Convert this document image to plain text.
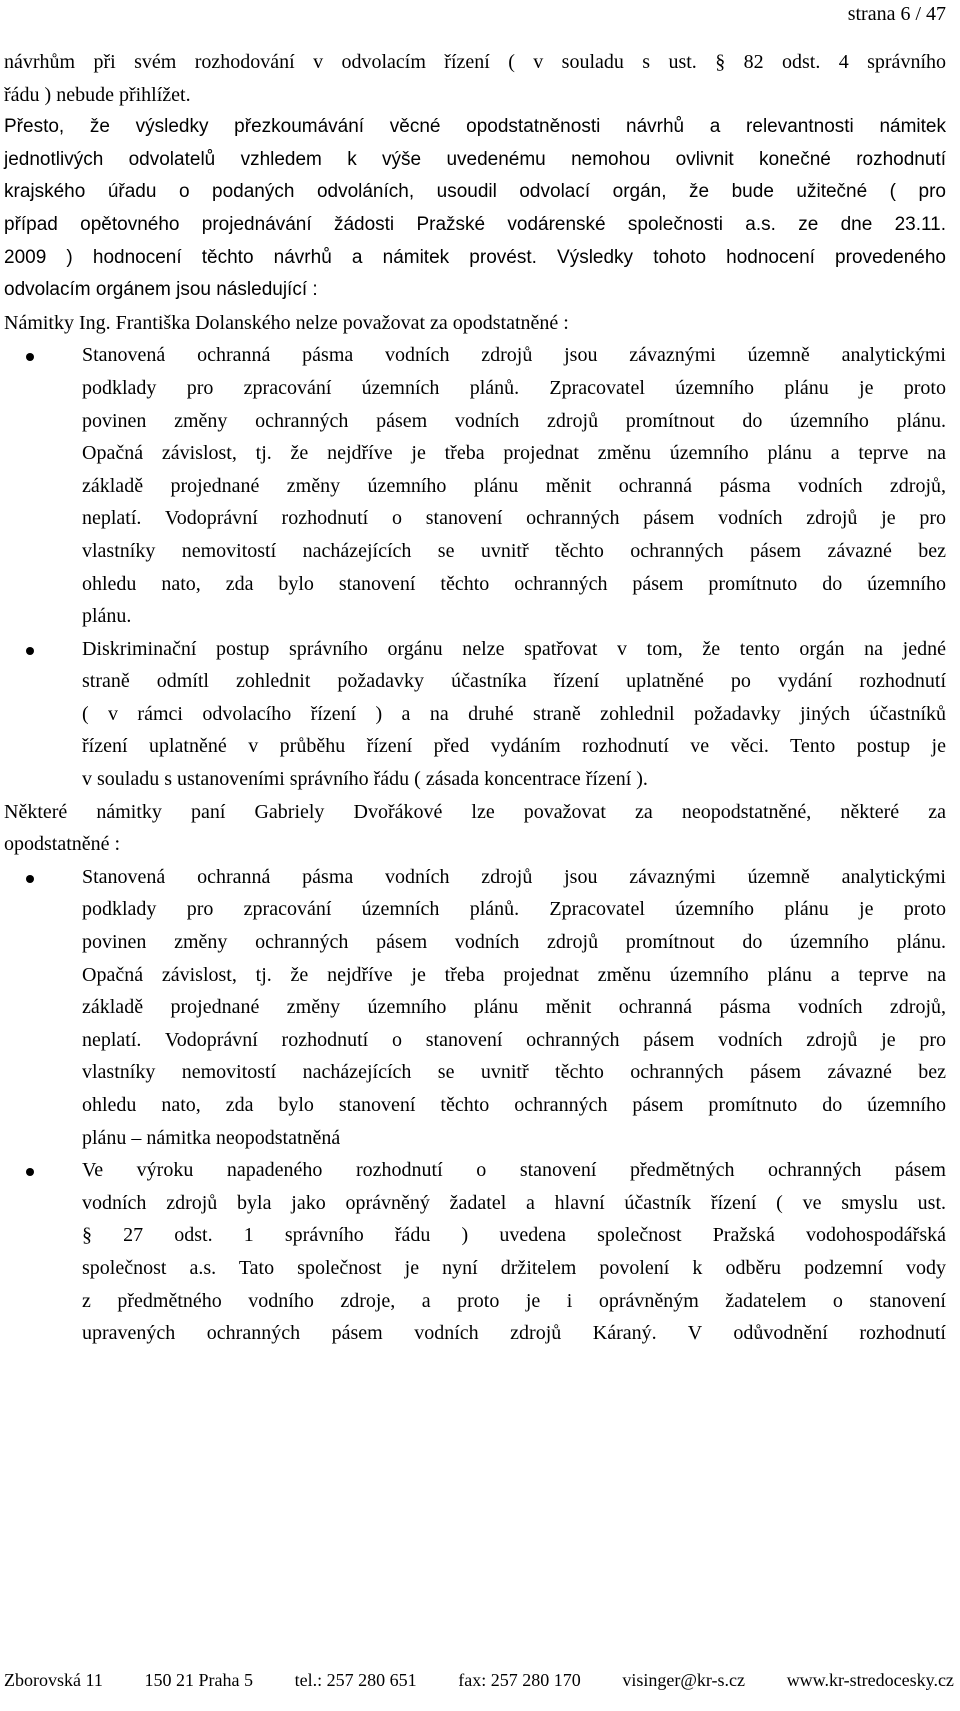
strana 6 / 47

návrhům při svém rozhodování v odvolacím řízení ( v souladu s ust. § 82 odst. 4 správního
řádu ) nebude přihlížet.

Přesto, že výsledky přezkoumávání věcné opodstatněnosti návrhů a relevantnosti námitek
jednotlivých odvolatelů vzhledem k výše uvedenému nemohou ovlivnit konečné rozhodnutí
krajského úřadu o podaných odvoláních, usoudil odvolací orgán, že bude užitečné ( pro
případ opětovného projednávání žádosti Pražské vodárenské společnosti a.s. ze dne 23.11.
2009 ) hodnocení těchto návrhů a námitek provést. Výsledky tohoto hodnocení provedeného
odvolacím orgánem jsou následující :

Námitky Ing. Františka Dolanského nelze považovat za opodstatněné :

Stanovená ochranná pásma vodních zdrojů jsou závaznými územně analytickými
podklady pro zpracování územních plánů. Zpracovatel územního plánu je proto
povinen změny ochranných pásem vodních zdrojů promítnout do územního plánu.
Opačná závislost, tj. že nejdříve je třeba projednat změnu územního plánu a teprve na
základě projednané změny územního plánu měnit ochranná pásma vodních zdrojů,
neplatí. Vodoprávní rozhodnutí o stanovení ochranných pásem vodních zdrojů je pro
vlastníky nemovitostí nacházejících se uvnitř těchto ochranných pásem závazné bez
ohledu nato, zda bylo stanovení těchto ochranných pásem promítnuto do územního
plánu.
Diskriminační postup správního orgánu nelze spatřovat v tom, že tento orgán na jedné
straně odmítl zohlednit požadavky účastníka řízení uplatněné po vydání rozhodnutí
( v rámci odvolacího řízení ) a na druhé straně zohlednil požadavky jiných účastníků
řízení uplatněné v průběhu řízení před vydáním rozhodnutí ve věci. Tento postup je
v souladu s ustanoveními správního řádu ( zásada koncentrace řízení ).

Některé námitky paní Gabriely Dvořákové lze považovat za neopodstatněné, některé za
opodstatněné :

Stanovená ochranná pásma vodních zdrojů jsou závaznými územně analytickými
podklady pro zpracování územních plánů. Zpracovatel územního plánu je proto
povinen změny ochranných pásem vodních zdrojů promítnout do územního plánu.
Opačná závislost, tj. že nejdříve je třeba projednat změnu územního plánu a teprve na
základě projednané změny územního plánu měnit ochranná pásma vodních zdrojů,
neplatí. Vodoprávní rozhodnutí o stanovení ochranných pásem vodních zdrojů je pro
vlastníky nemovitostí nacházejících se uvnitř těchto ochranných pásem závazné bez
ohledu nato, zda bylo stanovení těchto ochranných pásem promítnuto do územního
plánu – námitka neopodstatněná
Ve výroku napadeného rozhodnutí o stanovení předmětných ochranných pásem
vodních zdrojů byla jako oprávněný žadatel a hlavní účastník řízení ( ve smyslu ust.
§ 27 odst. 1 správního řádu ) uvedena společnost Pražská vodohospodářská
společnost a.s. Tato společnost je nyní držitelem povolení k odběru podzemní vody
z předmětného vodního zdroje, a proto je i oprávněným žadatelem o stanovení
upravených ochranných pásem vodních zdrojů Káraný. V odůvodnění rozhodnutí
Zborovská 11 150 21 Praha 5 tel.: 257 280 651 fax: 257 280 170 visinger@kr-s.cz www.kr-stredocesky.cz
